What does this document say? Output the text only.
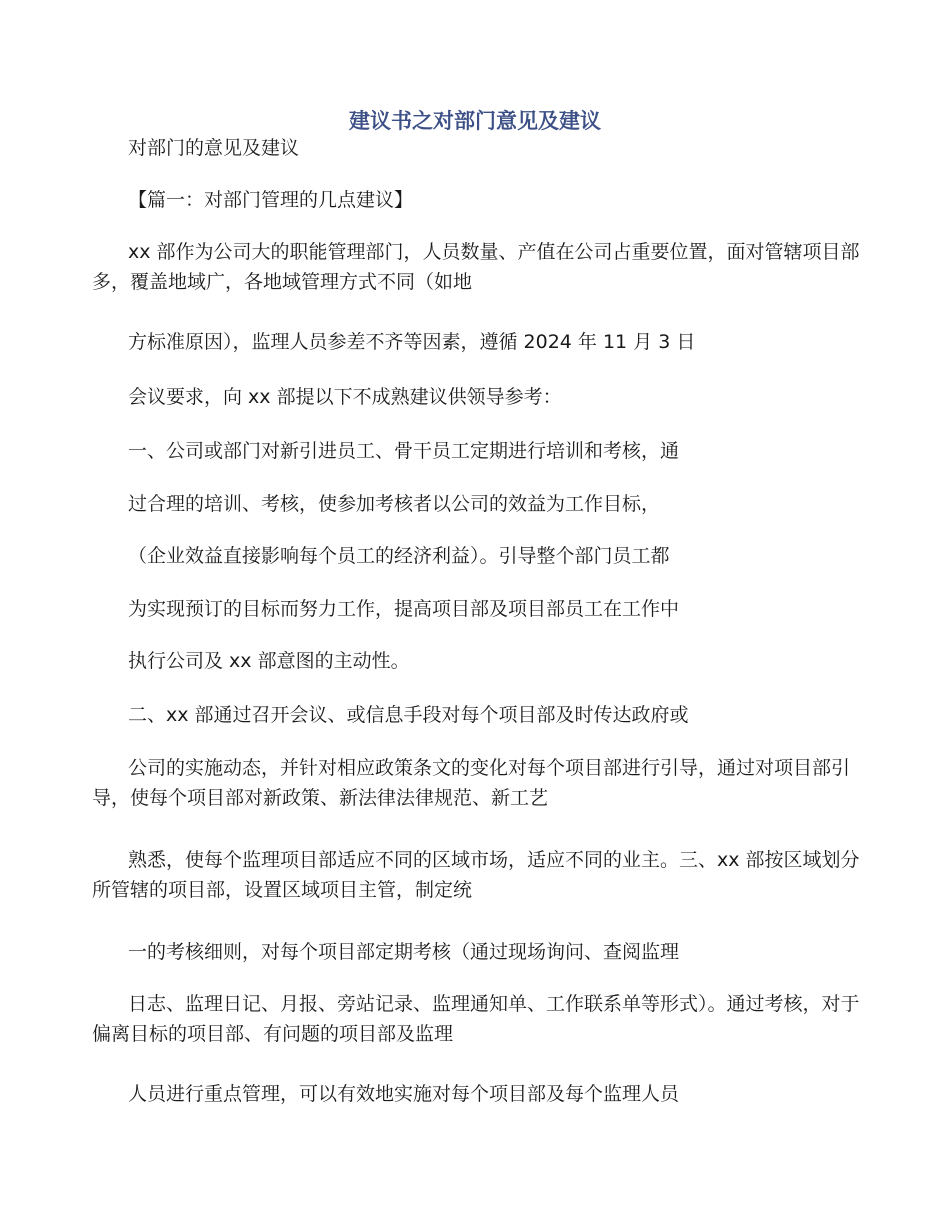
建议书之对部门意见及建议

对部门的意见及建议

【篇一：对部门管理的几点建议】

xx 部作为公司大的职能管理部门，人员数量、产值在公司占重要位置，面对管辖项目部多，覆盖地域广，各地域管理方式不同（如地

方标准原因），监理人员参差不齐等因素，遵循 2024 年 11 月 3 日

会议要求，向 xx 部提以下不成熟建议供领导参考：

一、公司或部门对新引进员工、骨干员工定期进行培训和考核，通

过合理的培训、考核，使参加考核者以公司的效益为工作目标，

（企业效益直接影响每个员工的经济利益）。引导整个部门员工都

为实现预订的目标而努力工作，提高项目部及项目部员工在工作中

执行公司及 xx 部意图的主动性。

二、xx 部通过召开会议、或信息手段对每个项目部及时传达政府或

公司的实施动态，并针对相应政策条文的变化对每个项目部进行引导，通过对项目部引导，使每个项目部对新政策、新法律法律规范、新工艺

熟悉，使每个监理项目部适应不同的区域市场，适应不同的业主。三、xx 部按区域划分所管辖的项目部，设置区域项目主管，制定统

一的考核细则，对每个项目部定期考核（通过现场询问、查阅监理

日志、监理日记、月报、旁站记录、监理通知单、工作联系单等形式）。通过考核，对于偏离目标的项目部、有问题的项目部及监理

人员进行重点管理，可以有效地实施对每个项目部及每个监理人员
